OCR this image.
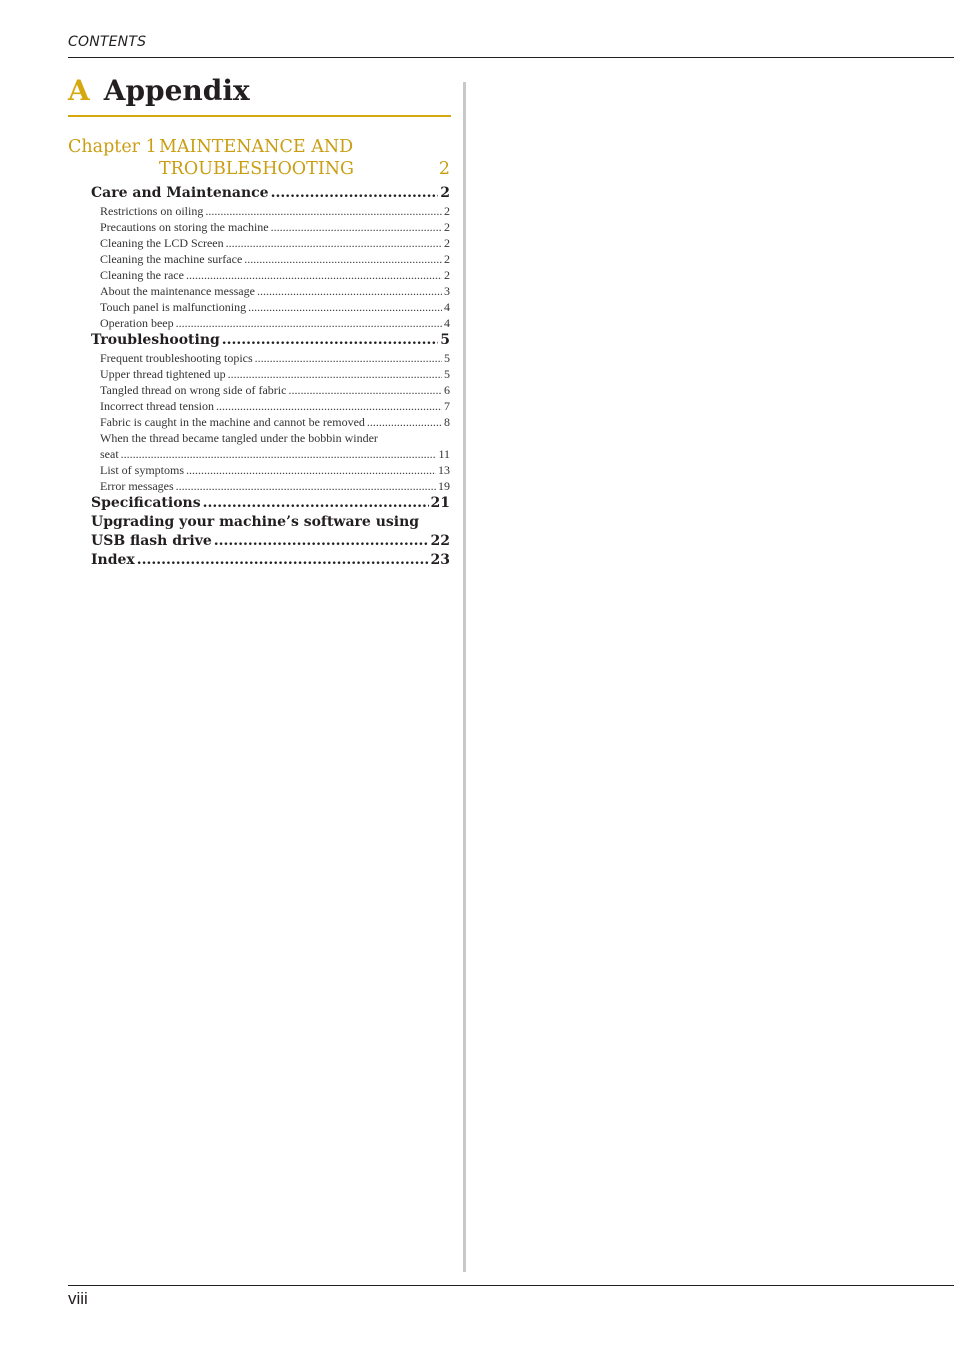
CONTENTS
A Appendix
Chapter 1 MAINTENANCE AND
TROUBLESHOOTING	2
Care and Maintenance .....	2
Restrictions on oiling .....	2
Precautions on storing the machine .....	2
Cleaning the LCD Screen .....	2
Cleaning the machine surface .....	2
Cleaning the race .....	2
About the maintenance message .....	3
Touch panel is malfunctioning .....	4
Operation beep .....	4
Troubleshooting .....	5
Frequent troubleshooting topics .....	5
Upper thread tightened up .....	5
Tangled thread on wrong side of fabric .....	6
Incorrect thread tension .....	7
Fabric is caught in the machine and cannot be removed .....	8
When the thread became tangled under the bobbin winder
seat .....	11
List of symptoms .....	13
Error messages .....	19
Specifications .....	21
Upgrading your machine’s software using
USB flash drive .....	22
Index .....	23
viii
